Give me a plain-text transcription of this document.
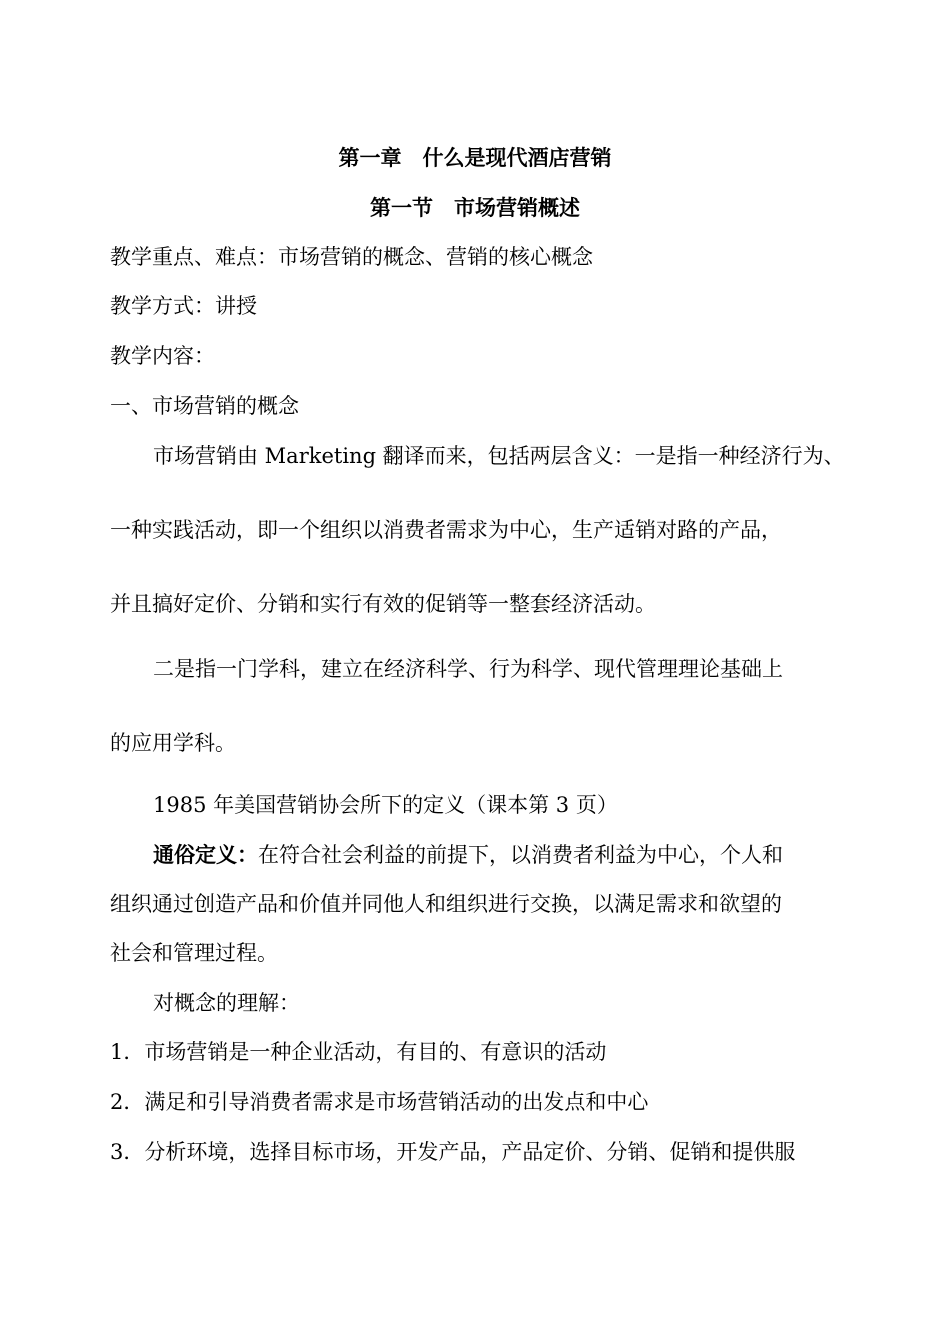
第一章　什么是现代酒店营销
第一节　市场营销概述
教学重点、难点：市场营销的概念、营销的核心概念
教学方式：讲授
教学内容：
一、市场营销的概念
市场营销由 Marketing 翻译而来，包括两层含义：一是指一种经济行为、
一种实践活动，即一个组织以消费者需求为中心，生产适销对路的产品，
并且搞好定价、分销和实行有效的促销等一整套经济活动。
二是指一门学科，建立在经济科学、行为科学、现代管理理论基础上
的应用学科。
1985 年美国营销协会所下的定义（课本第 3 页）
通俗定义：在符合社会利益的前提下，以消费者利益为中心，个人和
组织通过创造产品和价值并同他人和组织进行交换，以满足需求和欲望的
社会和管理过程。
对概念的理解：
1．市场营销是一种企业活动，有目的、有意识的活动
2．满足和引导消费者需求是市场营销活动的出发点和中心
3．分析环境，选择目标市场，开发产品，产品定价、分销、促销和提供服
